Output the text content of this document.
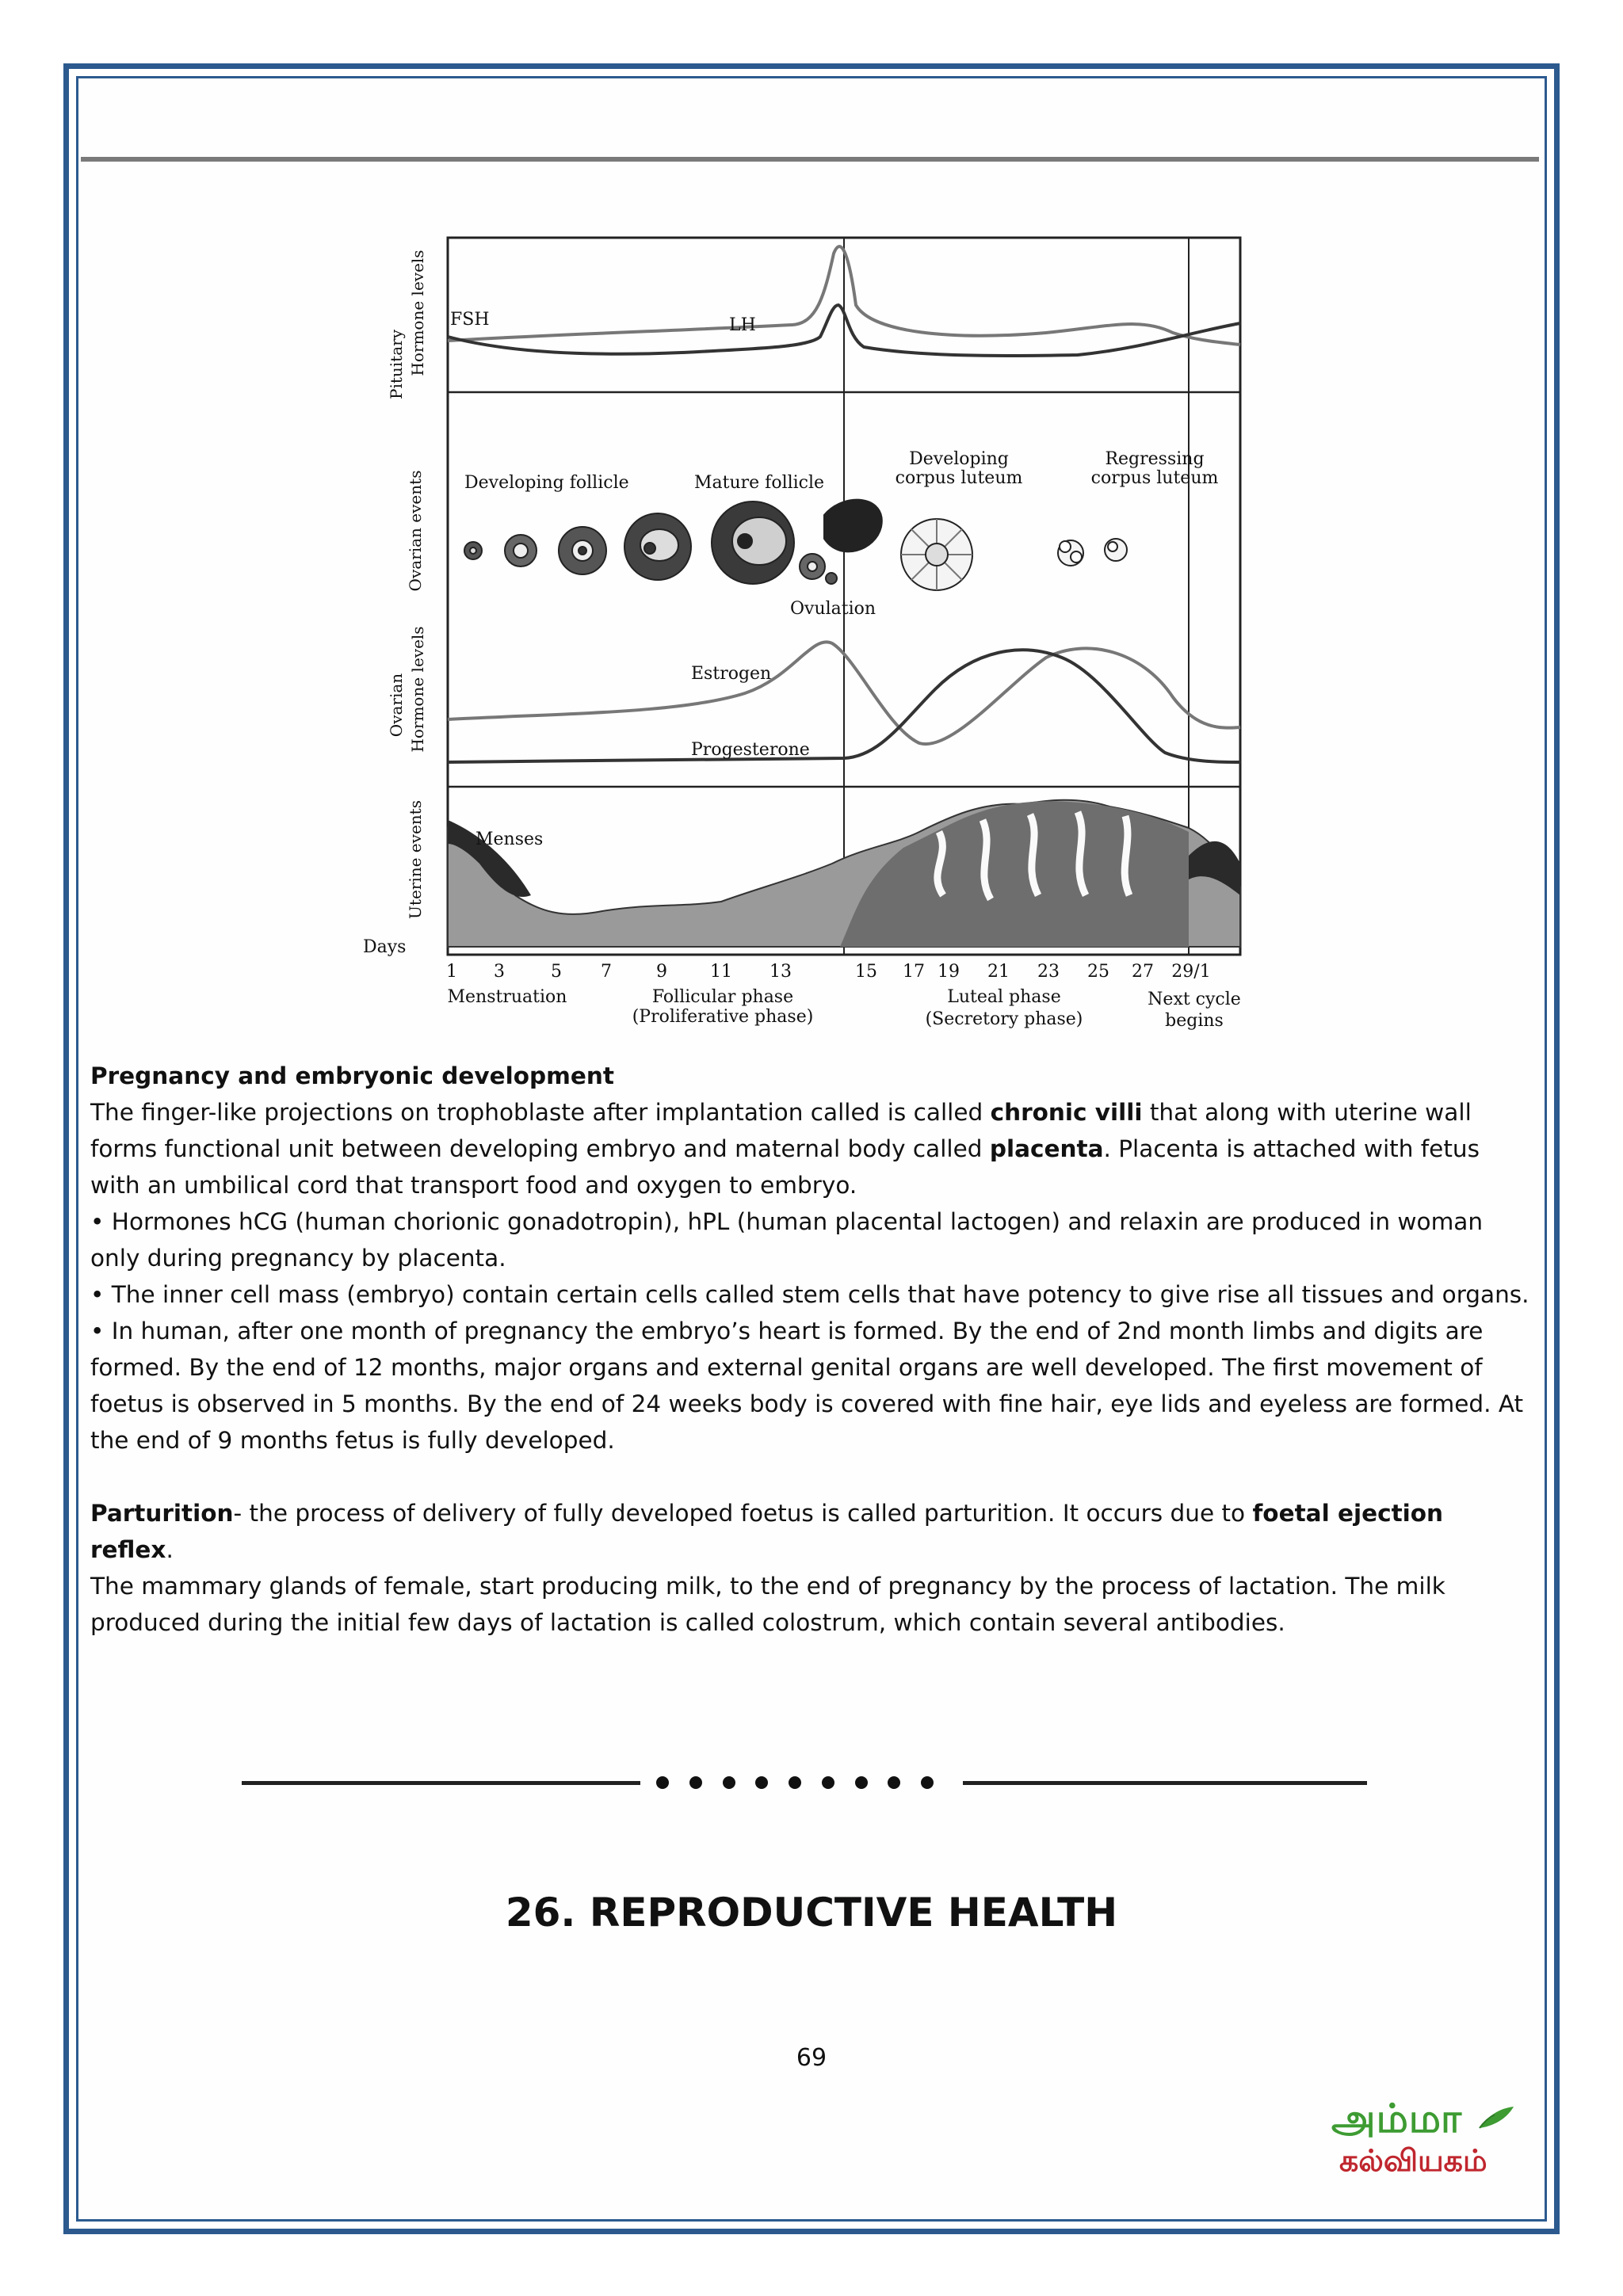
Pituitary Hormone levels
Ovarian events
Ovarian Hormone levels
Uterine events
FSH	LH
Developing follicle	Mature follicle
Ovulation
Developing
corpus luteum
Regressing
corpus luteum
Estrogen
Progesterone
Menses
Days
1 3	5 7	9 11 13	15 17 19 21 23 25 27 29/1
Menstruation	Follicular phase
(Proliferative phase)
Luteal phase
(Secretory phase)
Next cycle
begins

Pregnancy and embryonic development

The finger-like projections on trophoblaste after implantation called is called chronic villi that along with uterine wall forms functional unit between developing embryo and maternal body called placenta. Placenta is attached with fetus with an umbilical cord that transport food and oxygen to embryo.

• Hormones hCG (human chorionic gonadotropin), hPL (human placental lactogen) and relaxin are produced in woman only during pregnancy by placenta.

• The inner cell mass (embryo) contain certain cells called stem cells that have potency to give rise all tissues and organs.

• In human, after one month of pregnancy the embryo’s heart is formed. By the end of 2nd month limbs and digits are formed. By the end of 12 months, major organs and external genital organs are well developed. The first movement of foetus is observed in 5 months. By the end of 24 weeks body is covered with fine hair, eye lids and eyeless are formed. At the end of 9 months fetus is fully developed.

Parturition- the process of delivery of fully developed foetus is called parturition. It occurs due to foetal ejection reflex.

The mammary glands of female, start producing milk, to the end of pregnancy by the process of lactation. The milk produced during the initial few days of lactation is called colostrum, which contain several antibodies.

26. REPRODUCTIVE HEALTH
69
அம்மா
கல்வியகம்
